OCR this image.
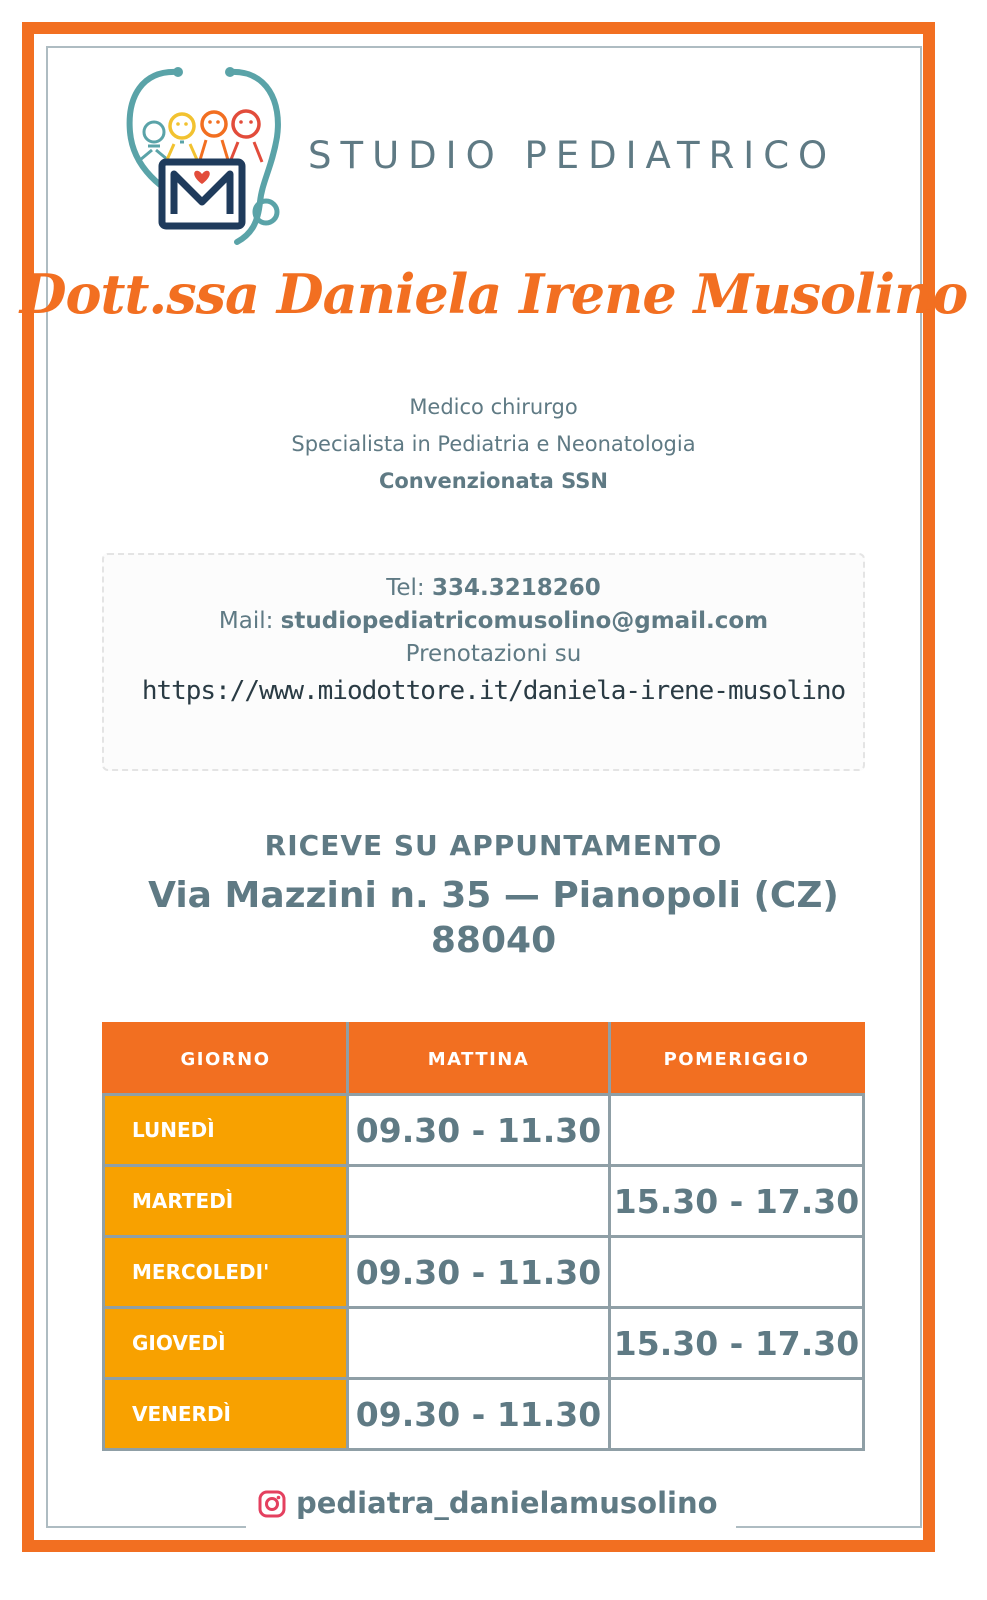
STUDIO PEDIATRICO
Dott.ssa Daniela Irene Musolino
Medico chirurgo
Specialista in Pediatria e Neonatologia
Convenzionata SSN
Tel: 334.3218260
Mail: studiopediatricomusolino@gmail.com
Prenotazioni su
https://www.miodottore.it/daniela-irene-musolino
RICEVE SU APPUNTAMENTO
Via Mazzini n. 35 — Pianopoli (CZ)
88040
GIORNO	MATTINA	POMERIGGIO
LUNEDÌ	09.30 - 11.30	
MARTEDÌ		15.30 - 17.30
MERCOLEDI'	09.30 - 11.30	
GIOVEDÌ		15.30 - 17.30
VENERDÌ	09.30 - 11.30	
pediatra_danielamusolino
